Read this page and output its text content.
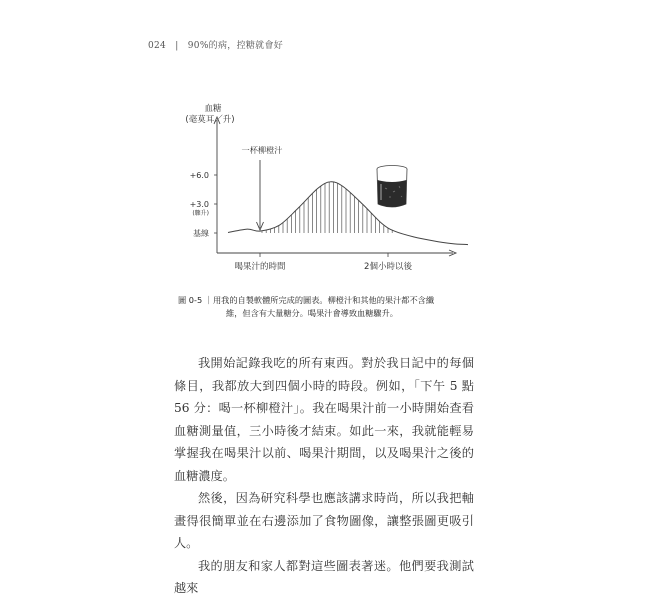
024 | 90%的病，控糖就會好
血糖
(毫莫耳／升)
一杯柳橙汁
+6.0
+3.0
基線
(驟升)
喝果汁的時間	2個小時以後
圖 0-5 ｜用我的自製軟體所完成的圖表。柳橙汁和其他的果汁都不含纖
維，但含有大量糖分。喝果汁會導致血糖驟升。

我開始記錄我吃的所有東西。對於我日記中的每個條目，我都放大到四個小時的時段。例如，「下午 5 點 56 分：喝一杯柳橙汁」。我在喝果汁前一小時開始查看血糖測量值，三小時後才結束。如此一來，我就能輕易掌握我在喝果汁以前、喝果汁期間，以及喝果汁之後的血糖濃度。

然後，因為研究科學也應該講求時尚，所以我把軸畫得很簡單並在右邊添加了食物圖像，讓整張圖更吸引人。

我的朋友和家人都對這些圖表著迷。他們要我測試越來
